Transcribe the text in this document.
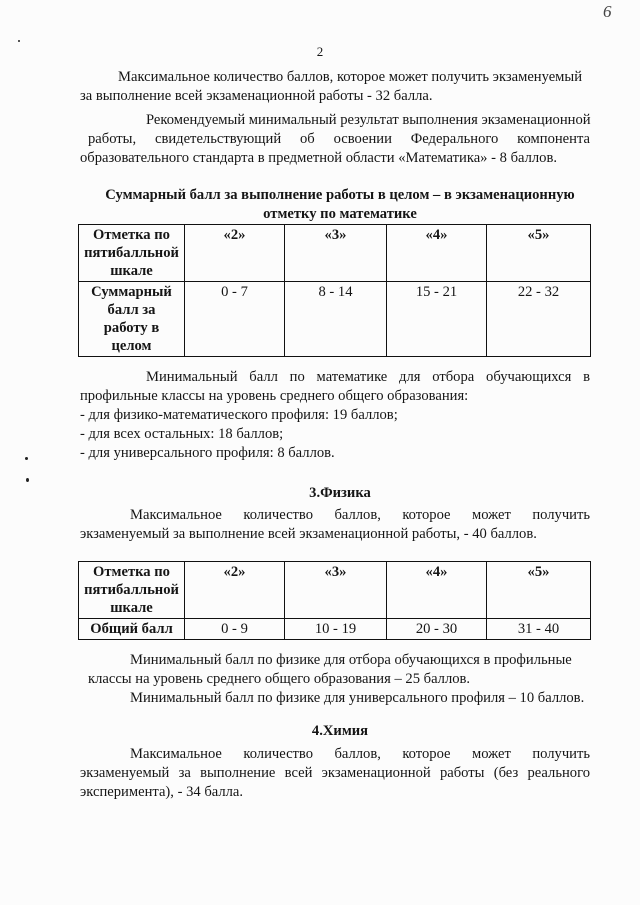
6
2
Максимальное количество баллов, которое может получить экзаменуемый
за выполнение всей экзаменационной работы - 32 балла.
Рекомендуемый минимальный результат выполнения экзаменационной
работы, свидетельствующий об освоении Федерального компонента
образовательного стандарта в предметной области «Математика» - 8 баллов.
Суммарный балл за выполнение работы в целом – в экзаменационную
отметку по математике
Отметка по
пятибалльной
шкале	«2»	«3»	«4»	«5»

Суммарный
балл за
работу в
целом	0 - 7	8 - 14	15 - 21	22 - 32
Минимальный балл по математике для отбора обучающихся в
профильные классы на уровень среднего общего образования:
- для физико-математического профиля: 19 баллов;
- для всех остальных: 18 баллов;
- для универсального профиля: 8 баллов.
3.Физика
Максимальное количество баллов, которое может получить
экзаменуемый за выполнение всей экзаменационной работы, - 40 баллов.
Отметка по
пятибалльной
шкале	«2»	«3»	«4»	«5»
Общий балл	0 - 9	10 - 19	20 - 30	31 - 40
Минимальный балл по физике для отбора обучающихся в профильные
классы на уровень среднего общего образования – 25 баллов.
Минимальный балл по физике для универсального профиля – 10 баллов.
4.Химия
Максимальное количество баллов, которое может получить
экзаменуемый за выполнение всей экзаменационной работы (без реального
эксперимента), - 34 балла.
